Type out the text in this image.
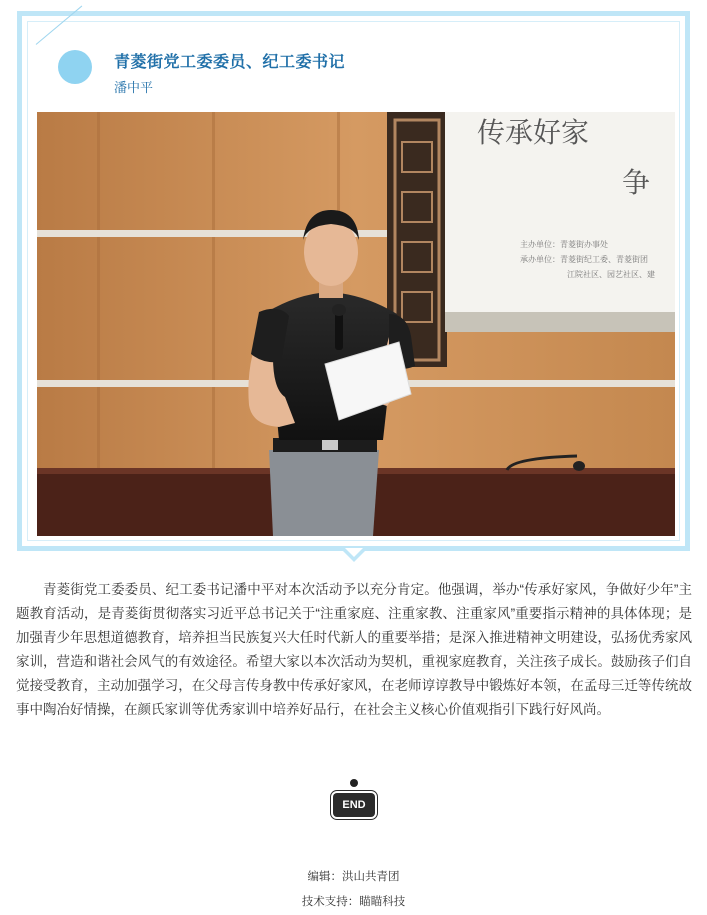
青菱街党工委委员、纪工委书记
潘中平
传承好家
争
主办单位：青菱街办事处
承办单位：青菱街纪工委、青菱街团
江院社区、园艺社区、建

青菱街党工委委员、纪工委书记潘中平对本次活动予以充分肯定。他强调，举办“传承好家风，争做好少年”主题教育活动，是青菱街贯彻落实习近平总书记关于“注重家庭、注重家教、注重家风”重要指示精神的具体体现；是加强青少年思想道德教育，培养担当民族复兴大任时代新人的重要举措；是深入推进精神文明建设，弘扬优秀家风家训，营造和谐社会风气的有效途径。希望大家以本次活动为契机，重视家庭教育，关注孩子成长。鼓励孩子们自觉接受教育，主动加强学习，在父母言传身教中传承好家风，在老师谆谆教导中锻炼好本领，在孟母三迁等传统故事中陶冶好情操，在颜氏家训等优秀家训中培养好品行，在社会主义核心价值观指引下践行好风尚。

END
编辑：洪山共青团
技术支持：瞄瞄科技
